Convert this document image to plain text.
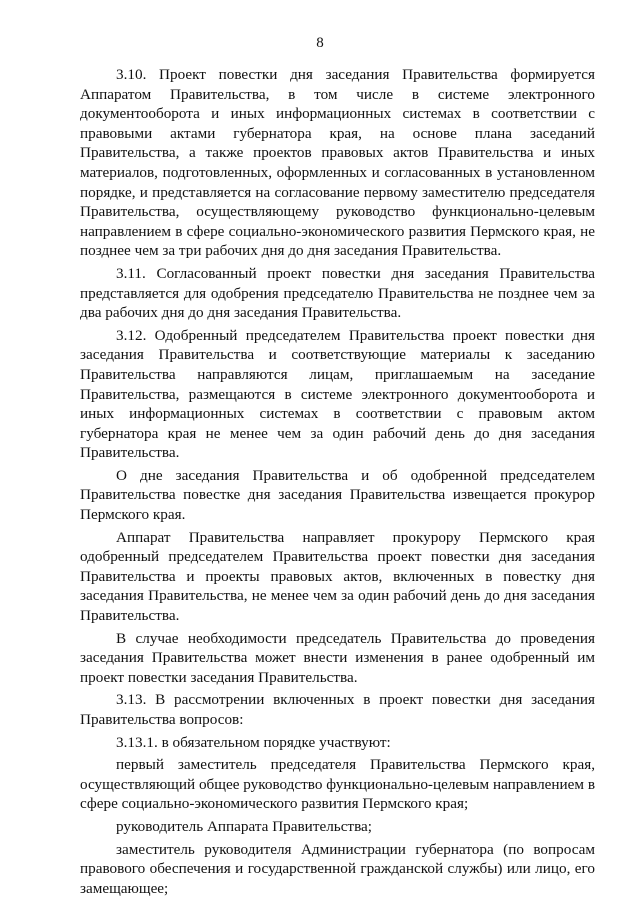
8

3.10. Проект повестки дня заседания Правительства формируется Аппаратом Правительства, в том числе в системе электронного документооборота и иных информационных системах в соответствии с правовыми актами губернатора края, на основе плана заседаний Правительства, а также проектов правовых актов Правительства и иных материалов, подготовленных, оформленных и согласованных в установленном порядке, и представляется на согласование первому заместителю председателя Правительства, осуществляющему руководство функционально-целевым направлением в сфере социально-экономического развития Пермского края, не позднее чем за три рабочих дня до дня заседания Правительства.

3.11. Согласованный проект повестки дня заседания Правительства представляется для одобрения председателю Правительства не позднее чем за два рабочих дня до дня заседания Правительства.

3.12. Одобренный председателем Правительства проект повестки дня заседания Правительства и соответствующие материалы к заседанию Правительства направляются лицам, приглашаемым на заседание Правительства, размещаются в системе электронного документооборота и иных информационных системах в соответствии с правовым актом губернатора края не менее чем за один рабочий день до дня заседания Правительства.

О дне заседания Правительства и об одобренной председателем Правительства повестке дня заседания Правительства извещается прокурор Пермского края.

Аппарат Правительства направляет прокурору Пермского края одобренный председателем Правительства проект повестки дня заседания Правительства и проекты правовых актов, включенных в повестку дня заседания Правительства, не менее чем за один рабочий день до дня заседания Правительства.

В случае необходимости председатель Правительства до проведения заседания Правительства может внести изменения в ранее одобренный им проект повестки заседания Правительства.

3.13. В рассмотрении включенных в проект повестки дня заседания Правительства вопросов:

3.13.1. в обязательном порядке участвуют:

первый заместитель председателя Правительства Пермского края, осуществляющий общее руководство функционально-целевым направлением в сфере социально-экономического развития Пермского края;

руководитель Аппарата Правительства;

заместитель руководителя Администрации губернатора (по вопросам правового обеспечения и государственной гражданской службы) или лицо, его замещающее;
